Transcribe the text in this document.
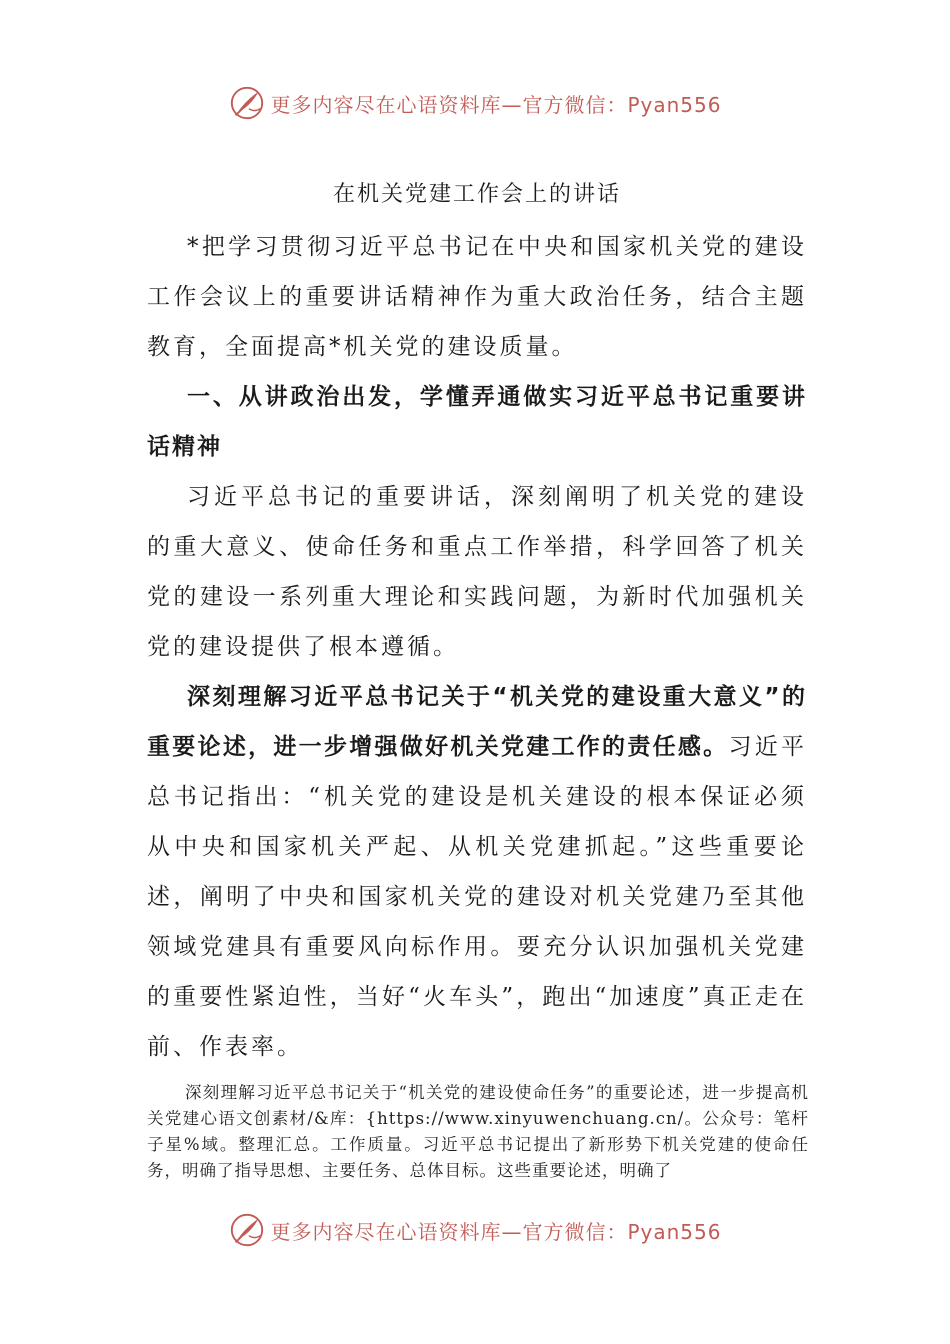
更多内容尽在心语资料库—官方微信：Pyan556
在机关党建工作会上的讲话

*把学习贯彻习近平总书记在中央和国家机关党的建设工作会议上的重要讲话精神作为重大政治任务，结合主题教育，全面提高*机关党的建设质量。

一、从讲政治出发，学懂弄通做实习近平总书记重要讲话精神

习近平总书记的重要讲话，深刻阐明了机关党的建设的重大意义、使命任务和重点工作举措，科学回答了机关党的建设一系列重大理论和实践问题，为新时代加强机关党的建设提供了根本遵循。

深刻理解习近平总书记关于“机关党的建设重大意义”的重要论述，进一步增强做好机关党建工作的责任感。习近平总书记指出：“机关党的建设是机关建设的根本保证必须从中央和国家机关严起、从机关党建抓起。”这些重要论述，阐明了中央和国家机关党的建设对机关党建乃至其他领域党建具有重要风向标作用。要充分认识加强机关党建的重要性紧迫性，当好“火车头”，跑出“加速度”真正走在前、作表率。

深刻理解习近平总书记关于“机关党的建设使命任务”的重要论述，进一步提高机关党建心语文创素材/&库：{https://www.xinyuwenchuang.cn/。公众号：笔杆子星%域。整理汇总。工作质量。习近平总书记提出了新形势下机关党建的使命任务，明确了指导思想、主要任务、总体目标。这些重要论述，明确了

更多内容尽在心语资料库—官方微信：Pyan556
